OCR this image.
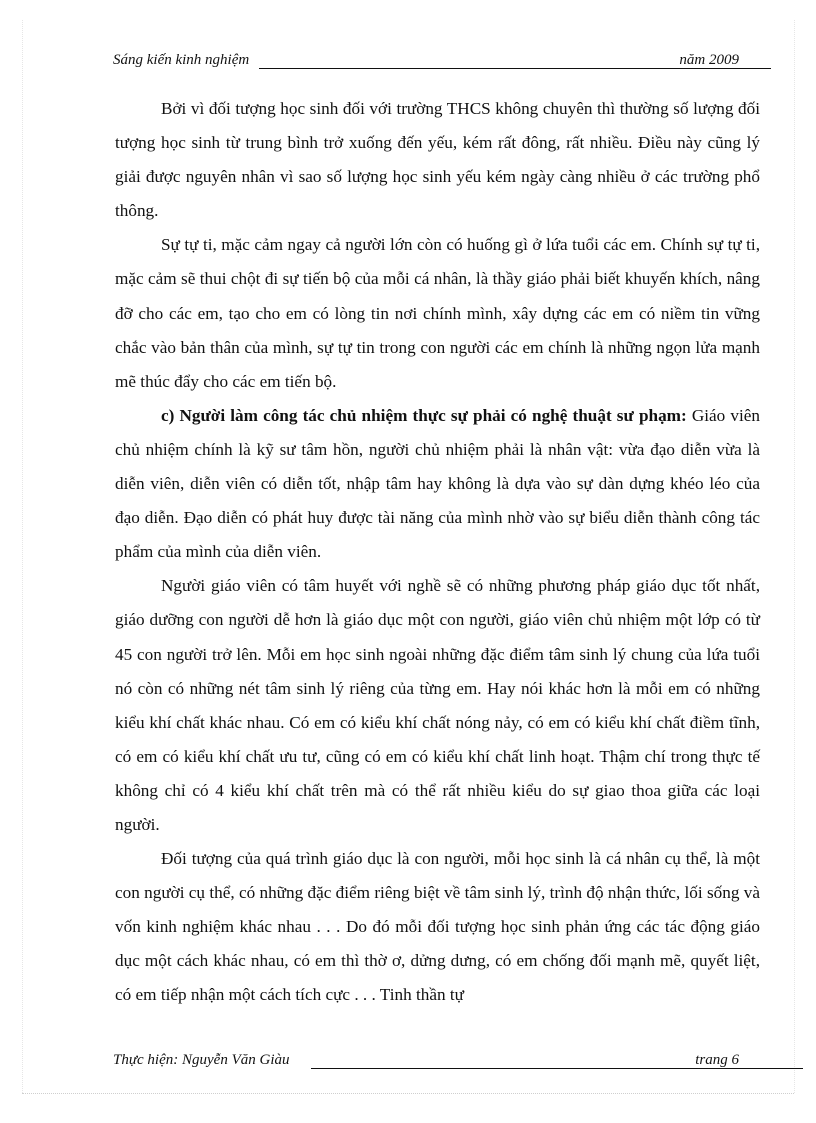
Sáng kiến kinh nghiệm	năm 2009

Bởi vì đối tượng học sinh đối với trường THCS không chuyên thì thường số lượng đối tượng học sinh từ trung bình trở xuống đến yếu, kém rất đông, rất nhiều. Điều này cũng lý giải được nguyên nhân vì sao số lượng học sinh yếu kém ngày càng nhiều ở các trường phổ thông.

Sự tự ti, mặc cảm ngay cả người lớn còn có huống gì ở lứa tuổi các em. Chính sự tự ti, mặc cảm sẽ thui chột đi sự tiến bộ của mỗi cá nhân, là thầy giáo phải biết khuyến khích, nâng đỡ cho các em, tạo cho em có lòng tin nơi chính mình, xây dựng các em có niềm tin vững chắc vào bản thân của mình, sự tự tin trong con người các em chính là những ngọn lửa mạnh mẽ thúc đẩy cho các em tiến bộ.

c) Người làm công tác chủ nhiệm thực sự phải có nghệ thuật sư phạm: Giáo viên chủ nhiệm chính là kỹ sư tâm hồn, người chủ nhiệm phải là nhân vật: vừa đạo diễn vừa là diễn viên, diễn viên có diễn tốt, nhập tâm hay không là dựa vào sự dàn dựng khéo léo của đạo diễn. Đạo diễn có phát huy được tài năng của mình nhờ vào sự biểu diễn thành công tác phẩm của mình của diễn viên.

Người giáo viên có tâm huyết với nghề sẽ có những phương pháp giáo dục tốt nhất, giáo dưỡng con người dễ hơn là giáo dục một con người, giáo viên chủ nhiệm một lớp có từ 45 con người trở lên. Mỗi em học sinh ngoài những đặc điểm tâm sinh lý chung của lứa tuổi nó còn có những nét tâm sinh lý riêng của từng em. Hay nói khác hơn là mỗi em có những kiểu khí chất khác nhau. Có em có kiểu khí chất nóng nảy, có em có kiểu khí chất điềm tĩnh, có em có kiểu khí chất ưu tư, cũng có em có kiểu khí chất linh hoạt. Thậm chí trong thực tế không chỉ có 4 kiểu khí chất trên mà có thể rất nhiều kiểu do sự giao thoa giữa các loại người.

Đối tượng của quá trình giáo dục là con người, mỗi học sinh là cá nhân cụ thể, là một con người cụ thể, có những đặc điểm riêng biệt về tâm sinh lý, trình độ nhận thức, lối sống và vốn kinh nghiệm khác nhau . . . Do đó mỗi đối tượng học sinh phản ứng các tác động giáo dục một cách khác nhau, có em thì thờ ơ, dửng dưng, có em chống đối mạnh mẽ, quyết liệt, có em tiếp nhận một cách tích cực . . . Tinh thần tự

Thực hiện: Nguyễn Văn Giàu	trang 6
